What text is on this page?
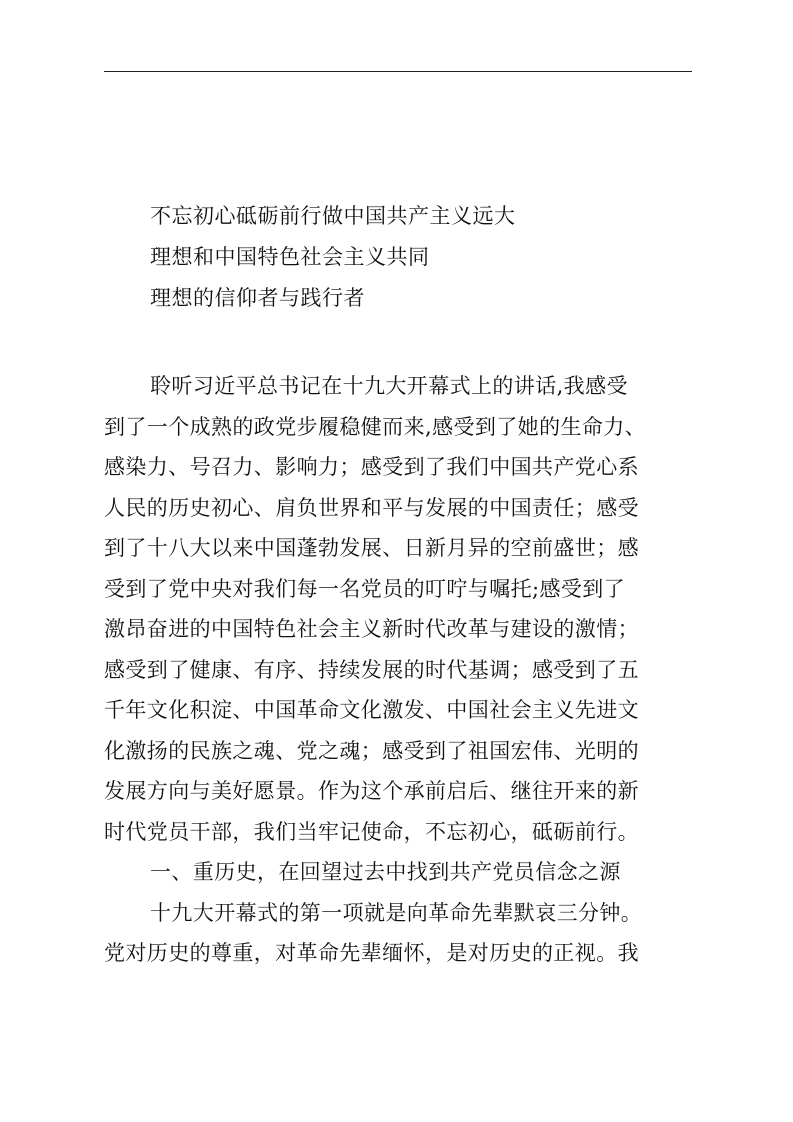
不忘初心砥砺前行做中国共产主义远大
理想和中国特色社会主义共同
理想的信仰者与践行者
聆听习近平总书记在十九大开幕式上的讲话,我感受
到了一个成熟的政党步履稳健而来,感受到了她的生命力、
感染力、号召力、影响力；感受到了我们中国共产党心系
人民的历史初心、肩负世界和平与发展的中国责任；感受
到了十八大以来中国蓬勃发展、日新月异的空前盛世；感
受到了党中央对我们每一名党员的叮咛与嘱托;感受到了
激昂奋进的中国特色社会主义新时代改革与建设的激情；
感受到了健康、有序、持续发展的时代基调；感受到了五
千年文化积淀、中国革命文化激发、中国社会主义先进文
化激扬的民族之魂、党之魂；感受到了祖国宏伟、光明的
发展方向与美好愿景。作为这个承前启后、继往开来的新
时代党员干部，我们当牢记使命，不忘初心，砥砺前行。
一、重历史，在回望过去中找到共产党员信念之源
十九大开幕式的第一项就是向革命先辈默哀三分钟。
党对历史的尊重，对革命先辈缅怀，是对历史的正视。我
